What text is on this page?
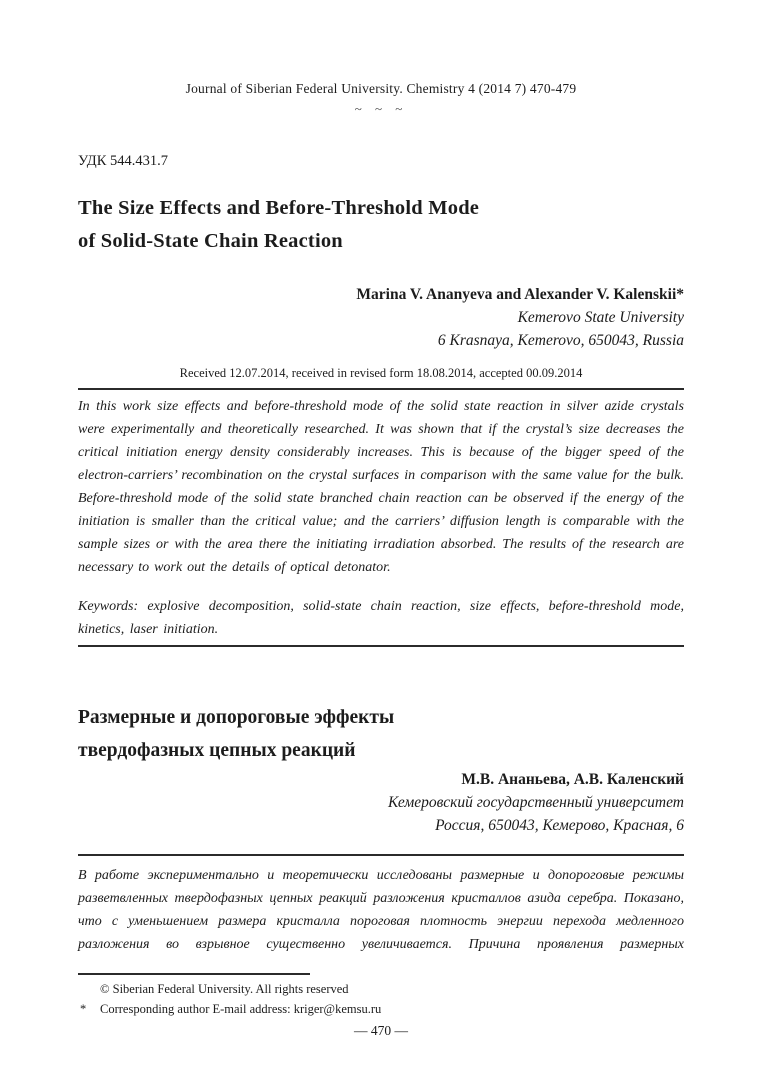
Journal of Siberian Federal University. Chemistry 4 (2014 7) 470-479
~ ~ ~
УДК 544.431.7
The Size Effects and Before-Threshold Mode
of Solid-State Chain Reaction
Marina V. Ananyeva and Alexander V. Kalenskii*
Kemerovo State University
6 Krasnaya, Kemerovo, 650043, Russia
Received 12.07.2014, received in revised form 18.08.2014, accepted 00.09.2014
In this work size effects and before-threshold mode of the solid state reaction in silver azide crystals were experimentally and theoretically researched. It was shown that if the crystal’s size decreases the critical initiation energy density considerably increases. This is because of the bigger speed of the electron-carriers’ recombination on the crystal surfaces in comparison with the same value for the bulk. Before-threshold mode of the solid state branched chain reaction can be observed if the energy of the initiation is smaller than the critical value; and the carriers’ diffusion length is comparable with the sample sizes or with the area there the initiating irradiation absorbed. The results of the research are necessary to work out the details of optical detonator.
Keywords: explosive decomposition, solid-state chain reaction, size effects, before-threshold mode, kinetics, laser initiation.
Размерные и допороговые эффекты
твердофазных цепных реакций
М.В. Ананьева, А.В. Каленский
Кемеровский государственный университет
Россия, 650043, Кемерово, Красная, 6
В работе экспериментально и теоретически исследованы размерные и допороговые режимы разветвленных твердофазных цепных реакций разложения кристаллов азида серебра. Показано, что с уменьшением размера кристалла пороговая плотность энергии перехода медленного разложения во взрывное существенно увеличивается. Причина проявления размерных
© Siberian Federal University. All rights reserved
* Corresponding author E-mail address: kriger@kemsu.ru
— 470 —
